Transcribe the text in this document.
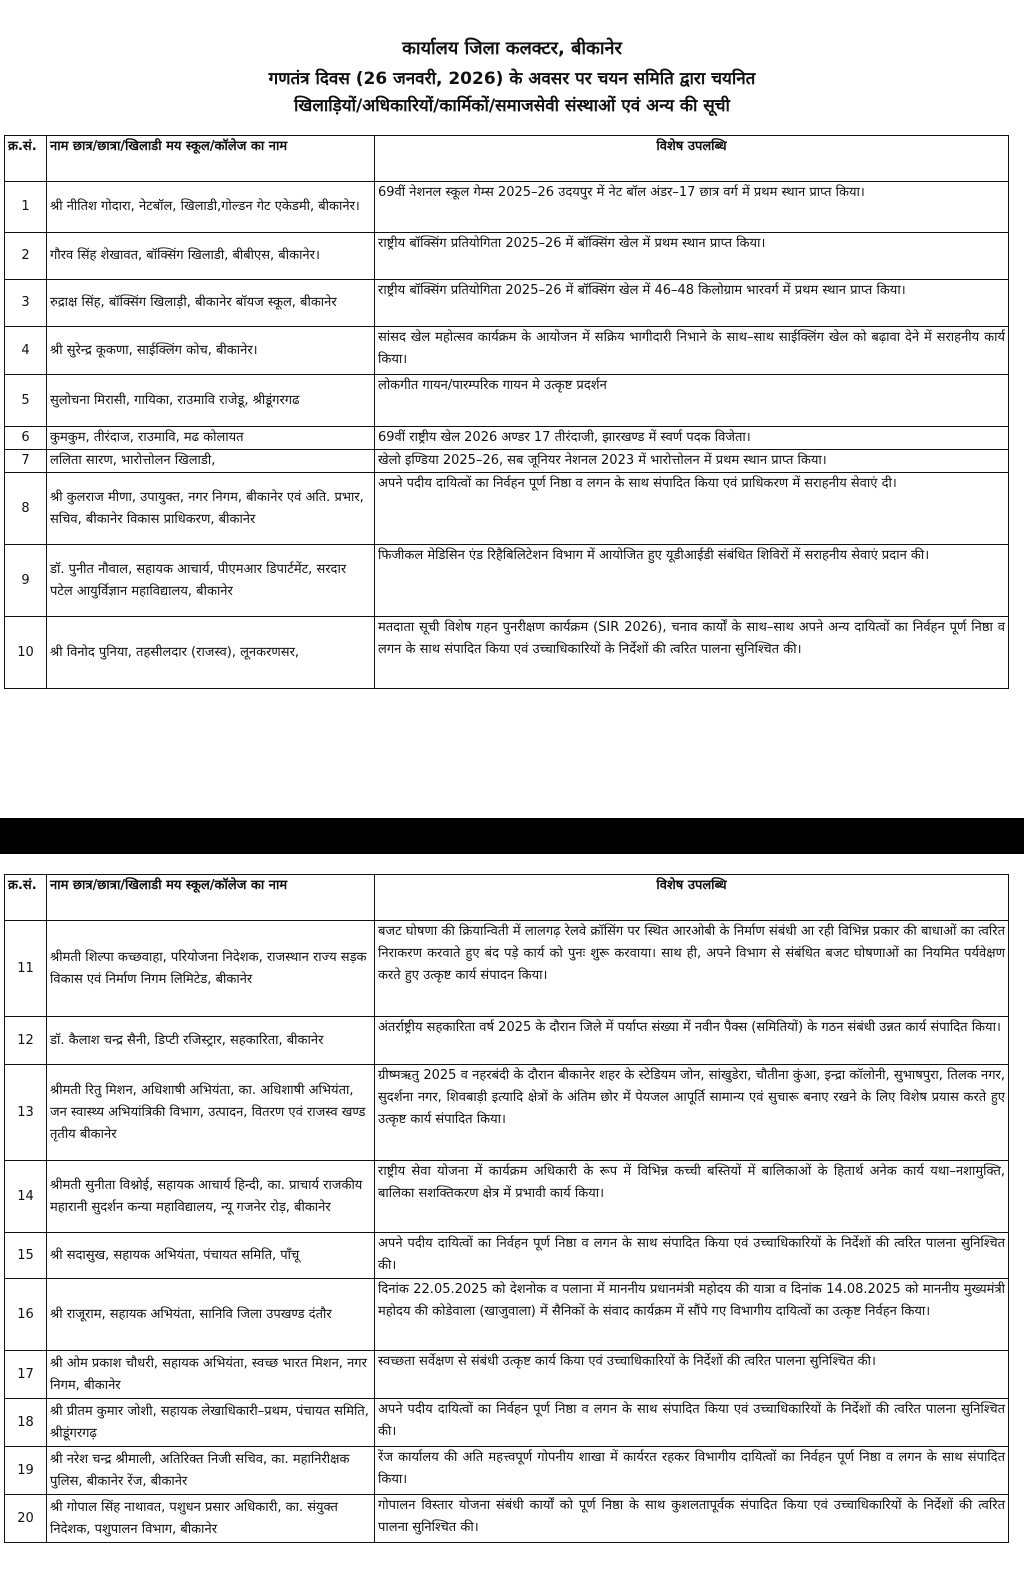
कार्यालय जिला कलक्टर, बीकानेर
गणतंत्र दिवस (26 जनवरी, 2026) के अवसर पर चयन समिति द्वारा चयनित
खिलाड़ियों/अधिकारियों/कार्मिकों/समाजसेवी संस्थाओं एवं अन्य की सूची
क्र.सं.	नाम छात्र/छात्रा/खिलाडी मय स्कूल/कॉलेज का नाम	विशेष उपलब्धि
1	श्री नीतिश गोदारा, नेटबॉल, खिलाडी,गोल्डन गेट एकेडमी, बीकानेर।	69वीं नेशनल स्कूल गेम्स 2025–26 उदयपुर में नेट बॉल अंडर–17 छात्र वर्ग में प्रथम स्थान प्राप्त किया।
2	गौरव सिंह शेखावत, बॉक्सिंग खिलाडी, बीबीएस, बीकानेर।	राष्ट्रीय बॉक्सिंग प्रतियोगिता 2025–26 में बॉक्सिंग खेल में प्रथम स्थान प्राप्त किया।
3	रुद्राक्ष सिंह, बॉक्सिंग खिलाड़ी, बीकानेर बॉयज स्कूल, बीकानेर	राष्ट्रीय बॉक्सिंग प्रतियोगिता 2025–26 में बॉक्सिंग खेल में 46–48 किलोग्राम भारवर्ग में प्रथम स्थान प्राप्त किया।
4	श्री सुरेन्द्र कूकणा, साईक्लिंग कोच, बीकानेर।	सांसद खेल महोत्सव कार्यक्रम के आयोजन में सक्रिय भागीदारी निभाने के साथ–साथ साईक्लिंग खेल को बढ़ावा देने में सराहनीय कार्य किया।
5	सुलोचना मिरासी, गायिका, राउमावि राजेडू, श्रीडूंगरगढ	लोकगीत गायन/पारम्परिक गायन मे उत्कृष्ट प्रदर्शन
6	कुमकुम, तीरंदाज, राउमावि, मढ कोलायत	69वीं राष्ट्रीय खेल 2026 अण्डर 17 तीरंदाजी, झारखण्ड में स्वर्ण पदक विजेता।
7	ललिता सारण, भारोत्तोलन खिलाडी,	खेलो इण्डिया 2025–26, सब जूनियर नेशनल 2023 में भारोत्तोलन में प्रथम स्थान प्राप्त किया।
8	श्री कुलराज मीणा, उपायुक्त, नगर निगम, बीकानेर एवं अति. प्रभार, सचिव, बीकानेर विकास प्राधिकरण, बीकानेर	अपने पदीय दायित्वों का निर्वहन पूर्ण निष्ठा व लगन के साथ संपादित किया एवं प्राधिकरण में सराहनीय सेवाएं दी।
9	डॉ. पुनीत नौवाल, सहायक आचार्य, पीएमआर डिपार्टमेंट, सरदार पटेल आयुर्विज्ञान महाविद्यालय, बीकानेर	फिजीकल मेडिसिन एंड रिहैबिलिटेशन विभाग में आयोजित हुए यूडीआईडी संबंधित शिविरों में सराहनीय सेवाएं प्रदान की।
10	श्री विनोद पुनिया, तहसीलदार (राजस्व), लूनकरणसर,	मतदाता सूची विशेष गहन पुनरीक्षण कार्यक्रम (SIR 2026), चनाव कार्यों के साथ–साथ अपने अन्य दायित्वों का निर्वहन पूर्ण निष्ठा व लगन के साथ संपादित किया एवं उच्चाधिकारियों के निर्देशों की त्वरित पालना सुनिश्चित की।
क्र.सं.	नाम छात्र/छात्रा/खिलाडी मय स्कूल/कॉलेज का नाम	विशेष उपलब्धि
11	श्रीमती शिल्पा कच्छवाहा, परियोजना निदेशक, राजस्थान राज्य सड़क विकास एवं निर्माण निगम लिमिटेड, बीकानेर	बजट घोषणा की क्रियान्विती में लालगढ़ रेलवे क्रॉसिंग पर स्थित आरओबी के निर्माण संबंधी आ रही विभिन्न प्रकार की बाधाओं का त्वरित निराकरण करवाते हुए बंद पड़े कार्य को पुनः शुरू करवाया। साथ ही, अपने विभाग से संबंधित बजट घोषणाओं का नियमित पर्यवेक्षण करते हुए उत्कृष्ट कार्य संपादन किया।
12	डॉ. कैलाश चन्द्र सैनी, डिप्टी रजिस्ट्रार, सहकारिता, बीकानेर	अंतर्राष्ट्रीय सहकारिता वर्ष 2025 के दौरान जिले में पर्याप्त संख्या में नवीन पैक्स (समितियों) के गठन संबंधी उन्नत कार्य संपादित किया।
13	श्रीमती रितु मिशन, अधिशाषी अभियंता, का. अधिशाषी अभियंता, जन स्वास्थ्य अभियांत्रिकी विभाग, उत्पादन, वितरण एवं राजस्व खण्ड तृतीय बीकानेर	ग्रीष्मऋतु 2025 व नहरबंदी के दौरान बीकानेर शहर के स्टेडियम जोन, सांखुडेरा, चौतीना कुंआ, इन्द्रा कॉलोनी, सुभाषपुरा, तिलक नगर, सुदर्शना नगर, शिवबाड़ी इत्यादि क्षेत्रों के अंतिम छोर में पेयजल आपूर्ति सामान्य एवं सुचारू बनाए रखने के लिए विशेष प्रयास करते हुए उत्कृष्ट कार्य संपादित किया।
14	श्रीमती सुनीता विश्नोई, सहायक आचार्य हिन्दी, का. प्राचार्य राजकीय महारानी सुदर्शन कन्या महाविद्यालय, न्यू गजनेर रोड़, बीकानेर	राष्ट्रीय सेवा योजना में कार्यक्रम अधिकारी के रूप में विभिन्न कच्ची बस्तियों में बालिकाओं के हितार्थ अनेक कार्य यथा–नशामुक्ति, बालिका सशक्तिकरण क्षेत्र में प्रभावी कार्य किया।
15	श्री सदासुख, सहायक अभियंता, पंचायत समिति, पाँचू	अपने पदीय दायित्वों का निर्वहन पूर्ण निष्ठा व लगन के साथ संपादित किया एवं उच्चाधिकारियों के निर्देशों की त्वरित पालना सुनिश्चित की।
16	श्री राजूराम, सहायक अभियंता, सानिवि जिला उपखण्ड दंतौर	दिनांक 22.05.2025 को देशनोक व पलाना में माननीय प्रधानमंत्री महोदय की यात्रा व दिनांक 14.08.2025 को माननीय मुख्यमंत्री महोदय की कोडेवाला (खाजुवाला) में सैनिकों के संवाद कार्यक्रम में सौंपे गए विभागीय दायित्वों का उत्कृष्ट निर्वहन किया।
17	श्री ओम प्रकाश चौधरी, सहायक अभियंता, स्वच्छ भारत मिशन, नगर निगम, बीकानेर	स्वच्छता सर्वेक्षण से संबंधी उत्कृष्ट कार्य किया एवं उच्चाधिकारियों के निर्देशों की त्वरित पालना सुनिश्चित की।
18	श्री प्रीतम कुमार जोशी, सहायक लेखाधिकारी–प्रथम, पंचायत समिति, श्रीडूंगरगढ़	अपने पदीय दायित्वों का निर्वहन पूर्ण निष्ठा व लगन के साथ संपादित किया एवं उच्चाधिकारियों के निर्देशों की त्वरित पालना सुनिश्चित की।
19	श्री नरेश चन्द्र श्रीमाली, अतिरिक्त निजी सचिव, का. महानिरीक्षक पुलिस, बीकानेर रेंज, बीकानेर	रेंज कार्यालय की अति महत्त्वपूर्ण गोपनीय शाखा में कार्यरत रहकर विभागीय दायित्वों का निर्वहन पूर्ण निष्ठा व लगन के साथ संपादित किया।
20	श्री गोपाल सिंह नाथावत, पशुधन प्रसार अधिकारी, का. संयुक्त निदेशक, पशुपालन विभाग, बीकानेर	गोपालन विस्तार योजना संबंधी कार्यों को पूर्ण निष्ठा के साथ कुशलतापूर्वक संपादित किया एवं उच्चाधिकारियों के निर्देशों की त्वरित पालना सुनिश्चित की।
